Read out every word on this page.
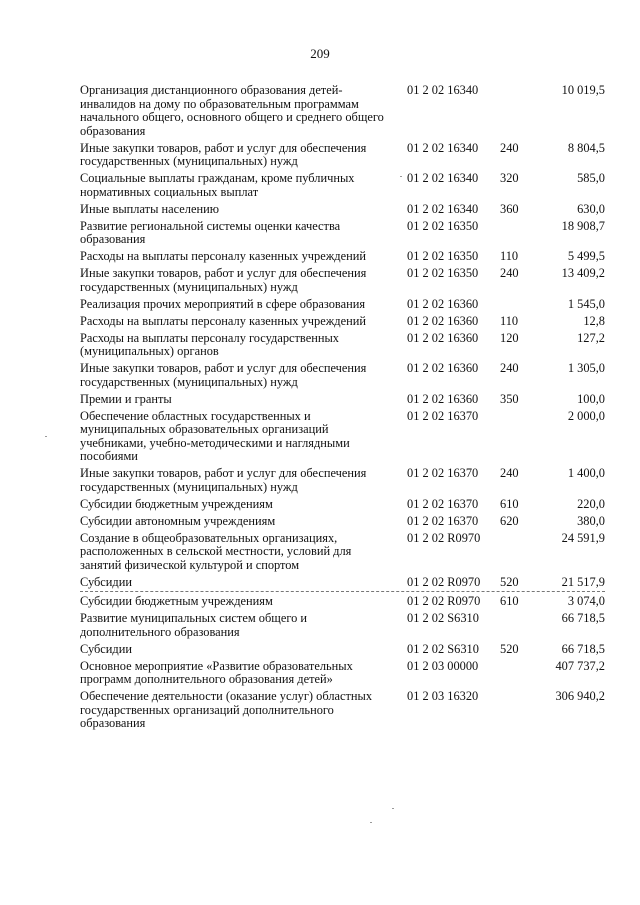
209
Организация дистанционного образования детей-инвалидов на дому по образовательным программам начального общего, основного общего и среднего общего образования
01 2 02 16340	10 019,5
Иные закупки товаров, работ и услуг для обеспечения государственных (муниципальных) нужд
01 2 02 16340 240	8 804,5
Социальные выплаты гражданам, кроме публичных нормативных социальных выплат
01 2 02 16340 320	585,0
Иные выплаты населению	01 2 02 16340 360	630,0
Развитие региональной системы оценки качества образования
01 2 02 16350	18 908,7
Расходы на выплаты персоналу казенных учреждений	01 2 02 16350 110	5 499,5
Иные закупки товаров, работ и услуг для обеспечения государственных (муниципальных) нужд
01 2 02 16350 240	13 409,2
Реализация прочих мероприятий в сфере образования	01 2 02 16360	1 545,0
Расходы на выплаты персоналу казенных учреждений	01 2 02 16360 110	12,8
Расходы на выплаты персоналу государственных (муниципальных) органов
01 2 02 16360 120	127,2
Иные закупки товаров, работ и услуг для обеспечения государственных (муниципальных) нужд
01 2 02 16360 240	1 305,0
Премии и гранты	01 2 02 16360 350	100,0
Обеспечение областных государственных и муниципальных образовательных организаций учебниками, учебно-методическими и наглядными пособиями
01 2 02 16370	2 000,0
Иные закупки товаров, работ и услуг для обеспечения государственных (муниципальных) нужд
01 2 02 16370 240	1 400,0
Субсидии бюджетным учреждениям	01 2 02 16370 610	220,0
Субсидии автономным учреждениям	01 2 02 16370 620	380,0
Создание в общеобразовательных организациях, расположенных в сельской местности, условий для занятий физической культурой и спортом
01 2 02 R0970	24 591,9
Субсидии	01 2 02 R0970 520	21 517,9
Субсидии бюджетным учреждениям	01 2 02 R0970 610	3 074,0
Развитие муниципальных систем общего и дополнительного образования
01 2 02 S6310	66 718,5
Субсидии	01 2 02 S6310 520	66 718,5
Основное мероприятие «Развитие образовательных программ дополнительного образования детей»
01 2 03 00000	407 737,2
Обеспечение деятельности (оказание услуг) областных государственных организаций дополнительного образования
01 2 03 16320	306 940,2
